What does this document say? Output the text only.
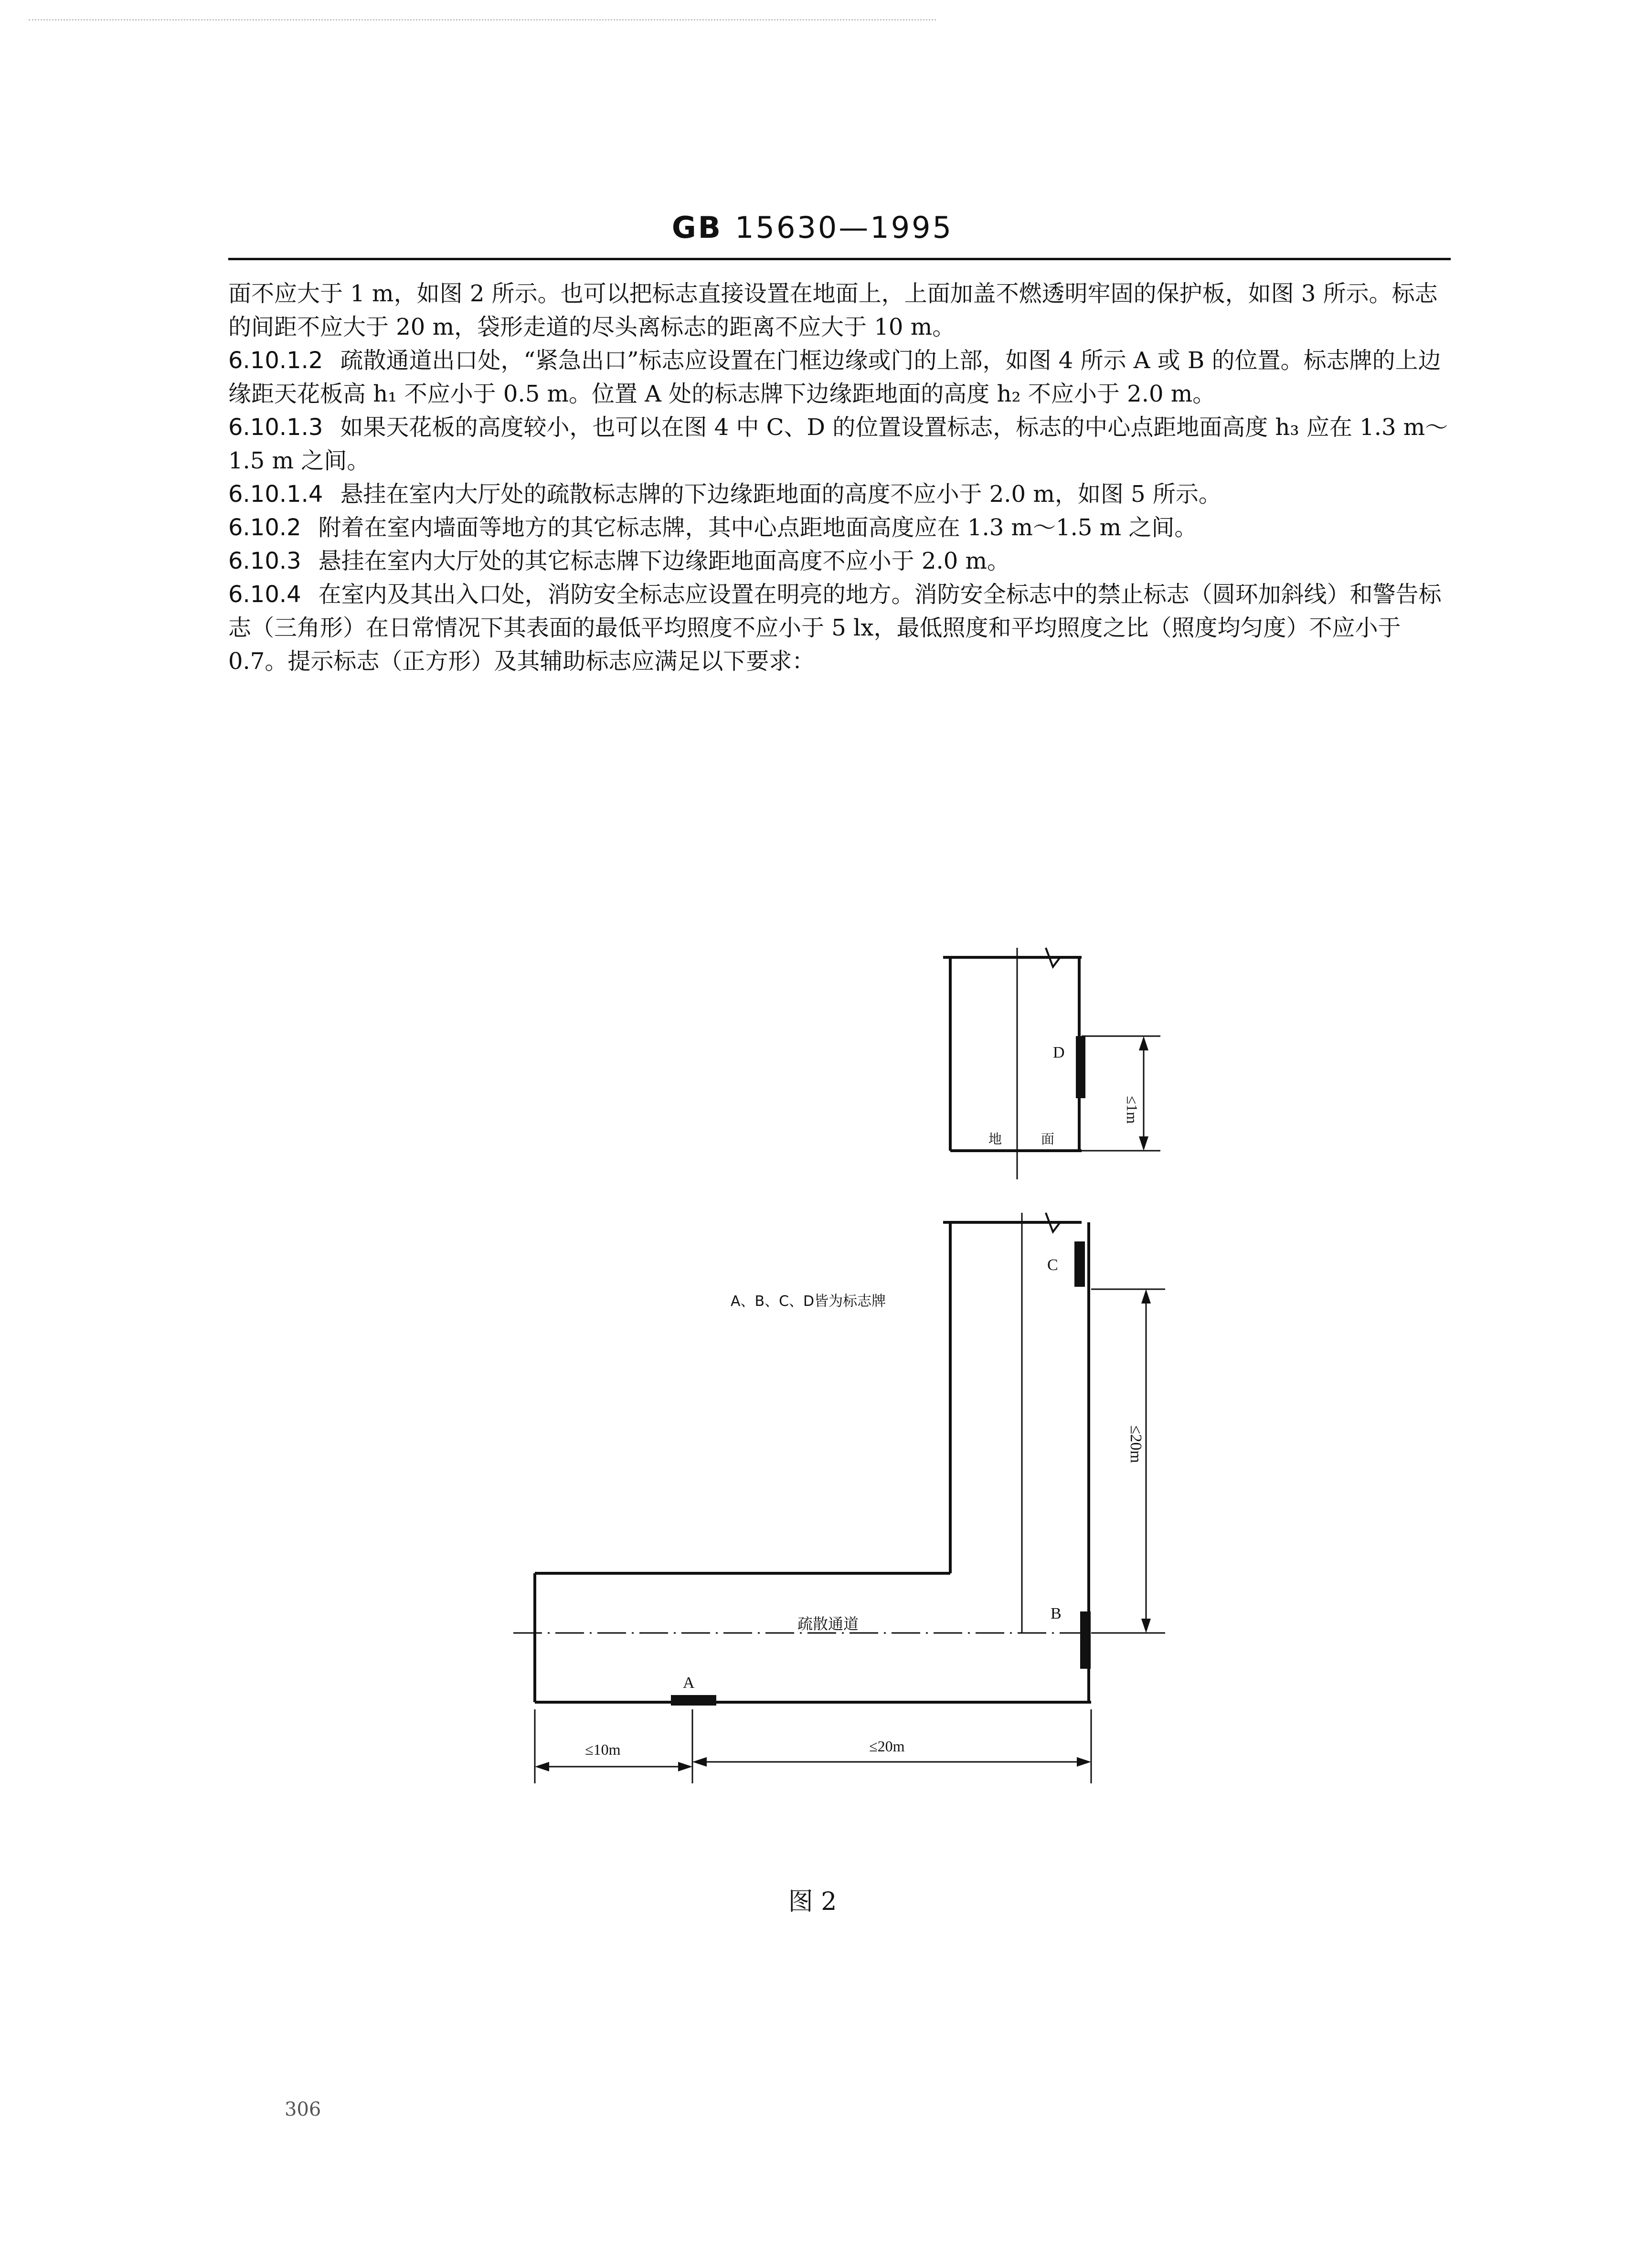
GB 15630—1995

面不应大于 1 m，如图 2 所示。也可以把标志直接设置在地面上，上面加盖不燃透明牢固的保护板，如图 3 所示。标志的间距不应大于 20 m，袋形走道的尽头离标志的距离不应大于 10 m。

6.10.1.2 疏散通道出口处，“紧急出口”标志应设置在门框边缘或门的上部，如图 4 所示 A 或 B 的位置。标志牌的上边缘距天花板高 h₁ 不应小于 0.5 m。位置 A 处的标志牌下边缘距地面的高度 h₂ 不应小于 2.0 m。

6.10.1.3 如果天花板的高度较小，也可以在图 4 中 C、D 的位置设置标志，标志的中心点距地面高度 h₃ 应在 1.3 m～1.5 m 之间。

6.10.1.4 悬挂在室内大厅处的疏散标志牌的下边缘距地面的高度不应小于 2.0 m，如图 5 所示。

6.10.2 附着在室内墙面等地方的其它标志牌，其中心点距地面高度应在 1.3 m～1.5 m 之间。

6.10.3 悬挂在室内大厅处的其它标志牌下边缘距地面高度不应小于 2.0 m。

6.10.4 在室内及其出入口处，消防安全标志应设置在明亮的地方。消防安全标志中的禁止标志（圆环加斜线）和警告标志（三角形）在日常情况下其表面的最低平均照度不应小于 5 lx，最低照度和平均照度之比（照度均匀度）不应小于 0.7。提示标志（正方形）及其辅助标志应满足以下要求：

D
≤1m
地	面
C
B
A
A、B、C、D皆为标志牌
疏散通道
≤20m
≤10m	≤20m
图 2
306
